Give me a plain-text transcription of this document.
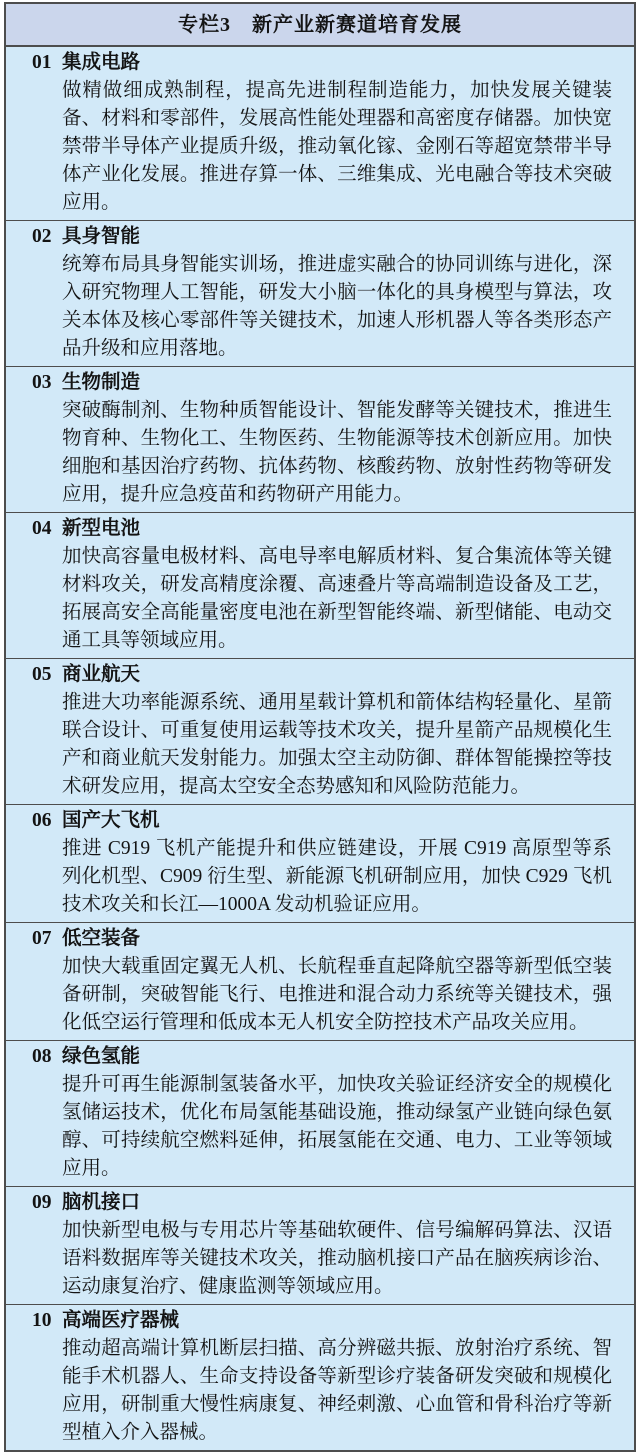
专栏3　新产业新赛道培育发展
01 集成电路
做精做细成熟制程，提高先进制程制造能力，加快发展关键装备、材料和零部件，发展高性能处理器和高密度存储器。加快宽禁带半导体产业提质升级，推动氧化镓、金刚石等超宽禁带半导体产业化发展。推进存算一体、三维集成、光电融合等技术突破应用。
02 具身智能
统筹布局具身智能实训场，推进虚实融合的协同训练与进化，深入研究物理人工智能，研发大小脑一体化的具身模型与算法，攻关本体及核心零部件等关键技术，加速人形机器人等各类形态产品升级和应用落地。
03 生物制造
突破酶制剂、生物种质智能设计、智能发酵等关键技术，推进生物育种、生物化工、生物医药、生物能源等技术创新应用。加快细胞和基因治疗药物、抗体药物、核酸药物、放射性药物等研发应用，提升应急疫苗和药物研产用能力。
04 新型电池
加快高容量电极材料、高电导率电解质材料、复合集流体等关键材料攻关，研发高精度涂覆、高速叠片等高端制造设备及工艺，拓展高安全高能量密度电池在新型智能终端、新型储能、电动交通工具等领域应用。
05 商业航天
推进大功率能源系统、通用星载计算机和箭体结构轻量化、星箭联合设计、可重复使用运载等技术攻关，提升星箭产品规模化生产和商业航天发射能力。加强太空主动防御、群体智能操控等技术研发应用，提高太空安全态势感知和风险防范能力。
06 国产大飞机
推进 C919 飞机产能提升和供应链建设，开展 C919 高原型等系列化机型、C909 衍生型、新能源飞机研制应用，加快 C929 飞机技术攻关和长江—1000A 发动机验证应用。
07 低空装备
加快大载重固定翼无人机、长航程垂直起降航空器等新型低空装备研制，突破智能飞行、电推进和混合动力系统等关键技术，强化低空运行管理和低成本无人机安全防控技术产品攻关应用。
08 绿色氢能
提升可再生能源制氢装备水平，加快攻关验证经济安全的规模化氢储运技术，优化布局氢能基础设施，推动绿氢产业链向绿色氨醇、可持续航空燃料延伸，拓展氢能在交通、电力、工业等领域应用。
09 脑机接口
加快新型电极与专用芯片等基础软硬件、信号编解码算法、汉语语料数据库等关键技术攻关，推动脑机接口产品在脑疾病诊治、运动康复治疗、健康监测等领域应用。
10 高端医疗器械
推动超高端计算机断层扫描、高分辨磁共振、放射治疗系统、智能手术机器人、生命支持设备等新型诊疗装备研发突破和规模化应用，研制重大慢性病康复、神经刺激、心血管和骨科治疗等新型植入介入器械。
